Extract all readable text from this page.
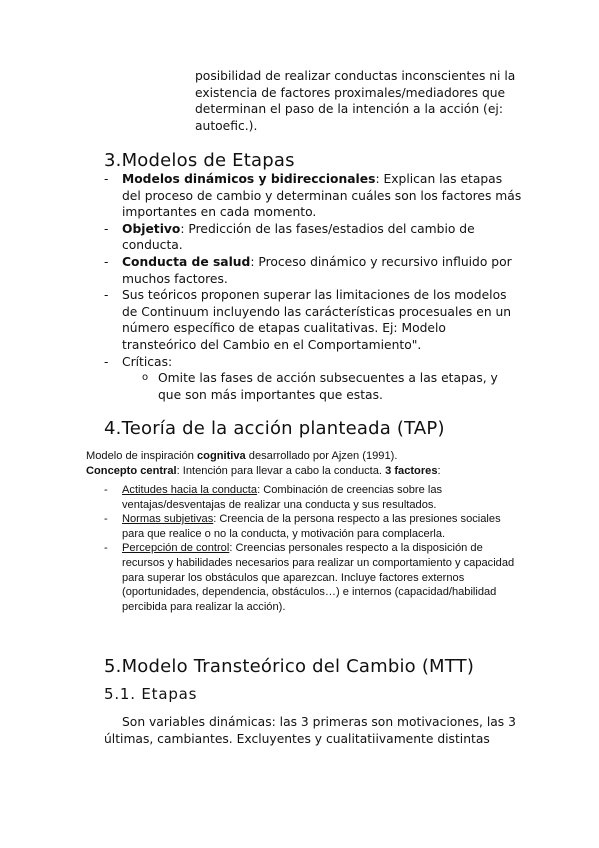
posibilidad de realizar conductas inconscientes ni la existencia de factores proximales/mediadores que determinan el paso de la intención a la acción (ej: autoefic.).
3.Modelos de Etapas
-	Modelos dinámicos y bidireccionales: Explican las etapas del proceso de cambio y determinan cuáles son los factores más importantes en cada momento.
-	Objetivo: Predicción de las fases/estadios del cambio de conducta.
-	Conducta de salud: Proceso dinámico y recursivo influido por muchos factores.
-	Sus teóricos proponen superar las limitaciones de los modelos de Continuum incluyendo las carácterísticas procesuales en un número específico de etapas cualitativas. Ej: Modelo transteórico del Cambio en el Comportamiento".
-	Críticas:
o Omite las fases de acción subsecuentes a las etapas, y que son más importantes que estas.
4.Teoría de la acción planteada (TAP)
Modelo de inspiración cognitiva desarrollado por Ajzen (1991).
Concepto central: Intención para llevar a cabo la conducta. 3 factores:
-	Actitudes hacia la conducta: Combinación de creencias sobre las ventajas/desventajas de realizar una conducta y sus resultados.
-	Normas subjetivas: Creencia de la persona respecto a las presiones sociales para que realice o no la conducta, y motivación para complacerla.
-	Percepción de control: Creencias personales respecto a la disposición de recursos y habilidades necesarios para realizar un comportamiento y capacidad para superar los obstáculos que aparezcan. Incluye factores externos (oportunidades, dependencia, obstáculos…) e internos (capacidad/habilidad percibida para realizar la acción).
5.Modelo Transteórico del Cambio (MTT)
5.1. Etapas
Son variables dinámicas: las 3 primeras son motivaciones, las 3 últimas, cambiantes. Excluyentes y cualitatiivamente distintas
